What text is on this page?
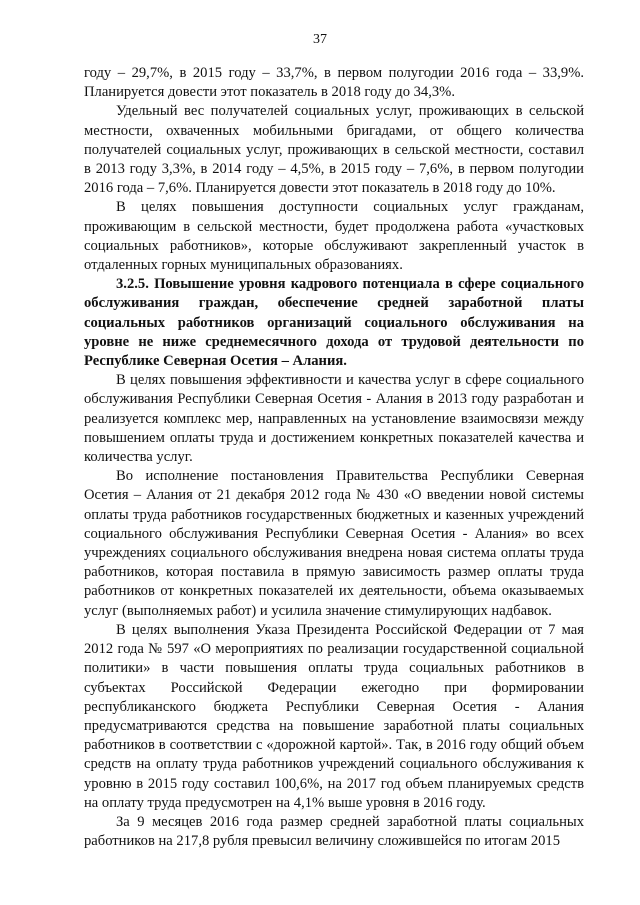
37

году – 29,7%, в 2015 году – 33,7%, в первом полугодии 2016 года – 33,9%. Планируется довести этот показатель в 2018 году до 34,3%.

Удельный вес получателей социальных услуг, проживающих в сельской местности, охваченных мобильными бригадами, от общего количества получателей социальных услуг, проживающих в сельской местности, составил в 2013 году 3,3%, в 2014 году – 4,5%, в 2015 году – 7,6%, в первом полугодии 2016 года – 7,6%. Планируется довести этот показатель в 2018 году до 10%.

В целях повышения доступности социальных услуг гражданам, проживающим в сельской местности, будет продолжена работа «участковых социальных работников», которые обслуживают закрепленный участок в отдаленных горных муниципальных образованиях.

3.2.5. Повышение уровня кадрового потенциала в сфере социального обслуживания граждан, обеспечение средней заработной платы социальных работников организаций социального обслуживания на уровне не ниже среднемесячного дохода от трудовой деятельности по Республике Северная Осетия – Алания.

В целях повышения эффективности и качества услуг в сфере социального обслуживания Республики Северная Осетия - Алания в 2013 году разработан и реализуется комплекс мер, направленных на установление взаимосвязи между повышением оплаты труда и достижением конкретных показателей качества и количества услуг.

Во исполнение постановления Правительства Республики Северная Осетия – Алания от 21 декабря 2012 года № 430 «О введении новой системы оплаты труда работников государственных бюджетных и казенных учреждений социального обслуживания Республики Северная Осетия - Алания» во всех учреждениях социального обслуживания внедрена новая система оплаты труда работников, которая поставила в прямую зависимость размер оплаты труда работников от конкретных показателей их деятельности, объема оказываемых услуг (выполняемых работ) и усилила значение стимулирующих надбавок.

В целях выполнения Указа Президента Российской Федерации от 7 мая 2012 года № 597 «О мероприятиях по реализации государственной социальной политики» в части повышения оплаты труда социальных работников в субъектах Российской Федерации ежегодно при формировании республиканского бюджета Республики Северная Осетия - Алания предусматриваются средства на повышение заработной платы социальных работников в соответствии с «дорожной картой». Так, в 2016 году общий объем средств на оплату труда работников учреждений социального обслуживания к уровню в 2015 году составил 100,6%, на 2017 год объем планируемых средств на оплату труда предусмотрен на 4,1% выше уровня в 2016 году.

За 9 месяцев 2016 года размер средней заработной платы социальных работников на 217,8 рубля превысил величину сложившейся по итогам 2015
